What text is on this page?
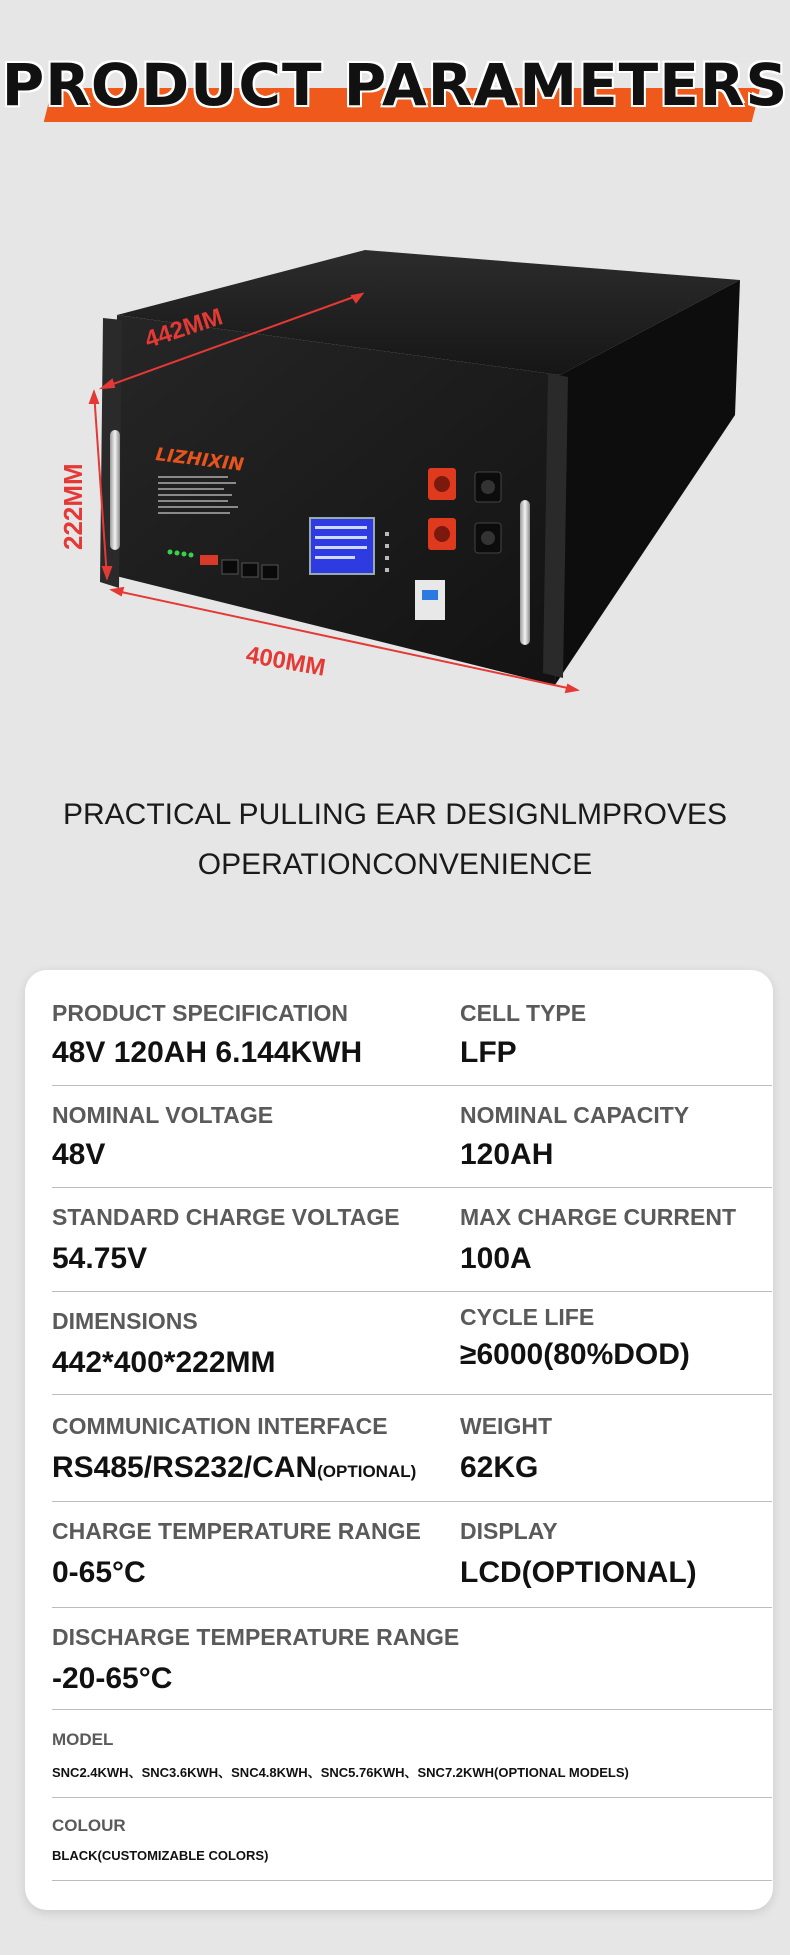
PRODUCT PARAMETERS
LIZHIXIN
442MM
222MM
400MM
PRACTICAL PULLING EAR DESIGNLMPROVES
OPERATIONCONVENIENCE
PRODUCT SPECIFICATION
48V 120AH 6.144KWH
CELL TYPE
LFP
NOMINAL VOLTAGE
48V
NOMINAL CAPACITY
120AH
STANDARD CHARGE VOLTAGE
54.75V
MAX CHARGE CURRENT
100A
DIMENSIONS
442*400*222MM
CYCLE LIFE
≥6000(80%DOD)
COMMUNICATION INTERFACE
RS485/RS232/CAN(OPTIONAL)
WEIGHT
62KG
CHARGE TEMPERATURE RANGE
0-65°C
DISPLAY
LCD(OPTIONAL)
DISCHARGE TEMPERATURE RANGE
-20-65°C
MODEL
SNC2.4KWH、SNC3.6KWH、SNC4.8KWH、SNC5.76KWH、SNC7.2KWH(OPTIONAL MODELS)
COLOUR
BLACK(CUSTOMIZABLE COLORS)
